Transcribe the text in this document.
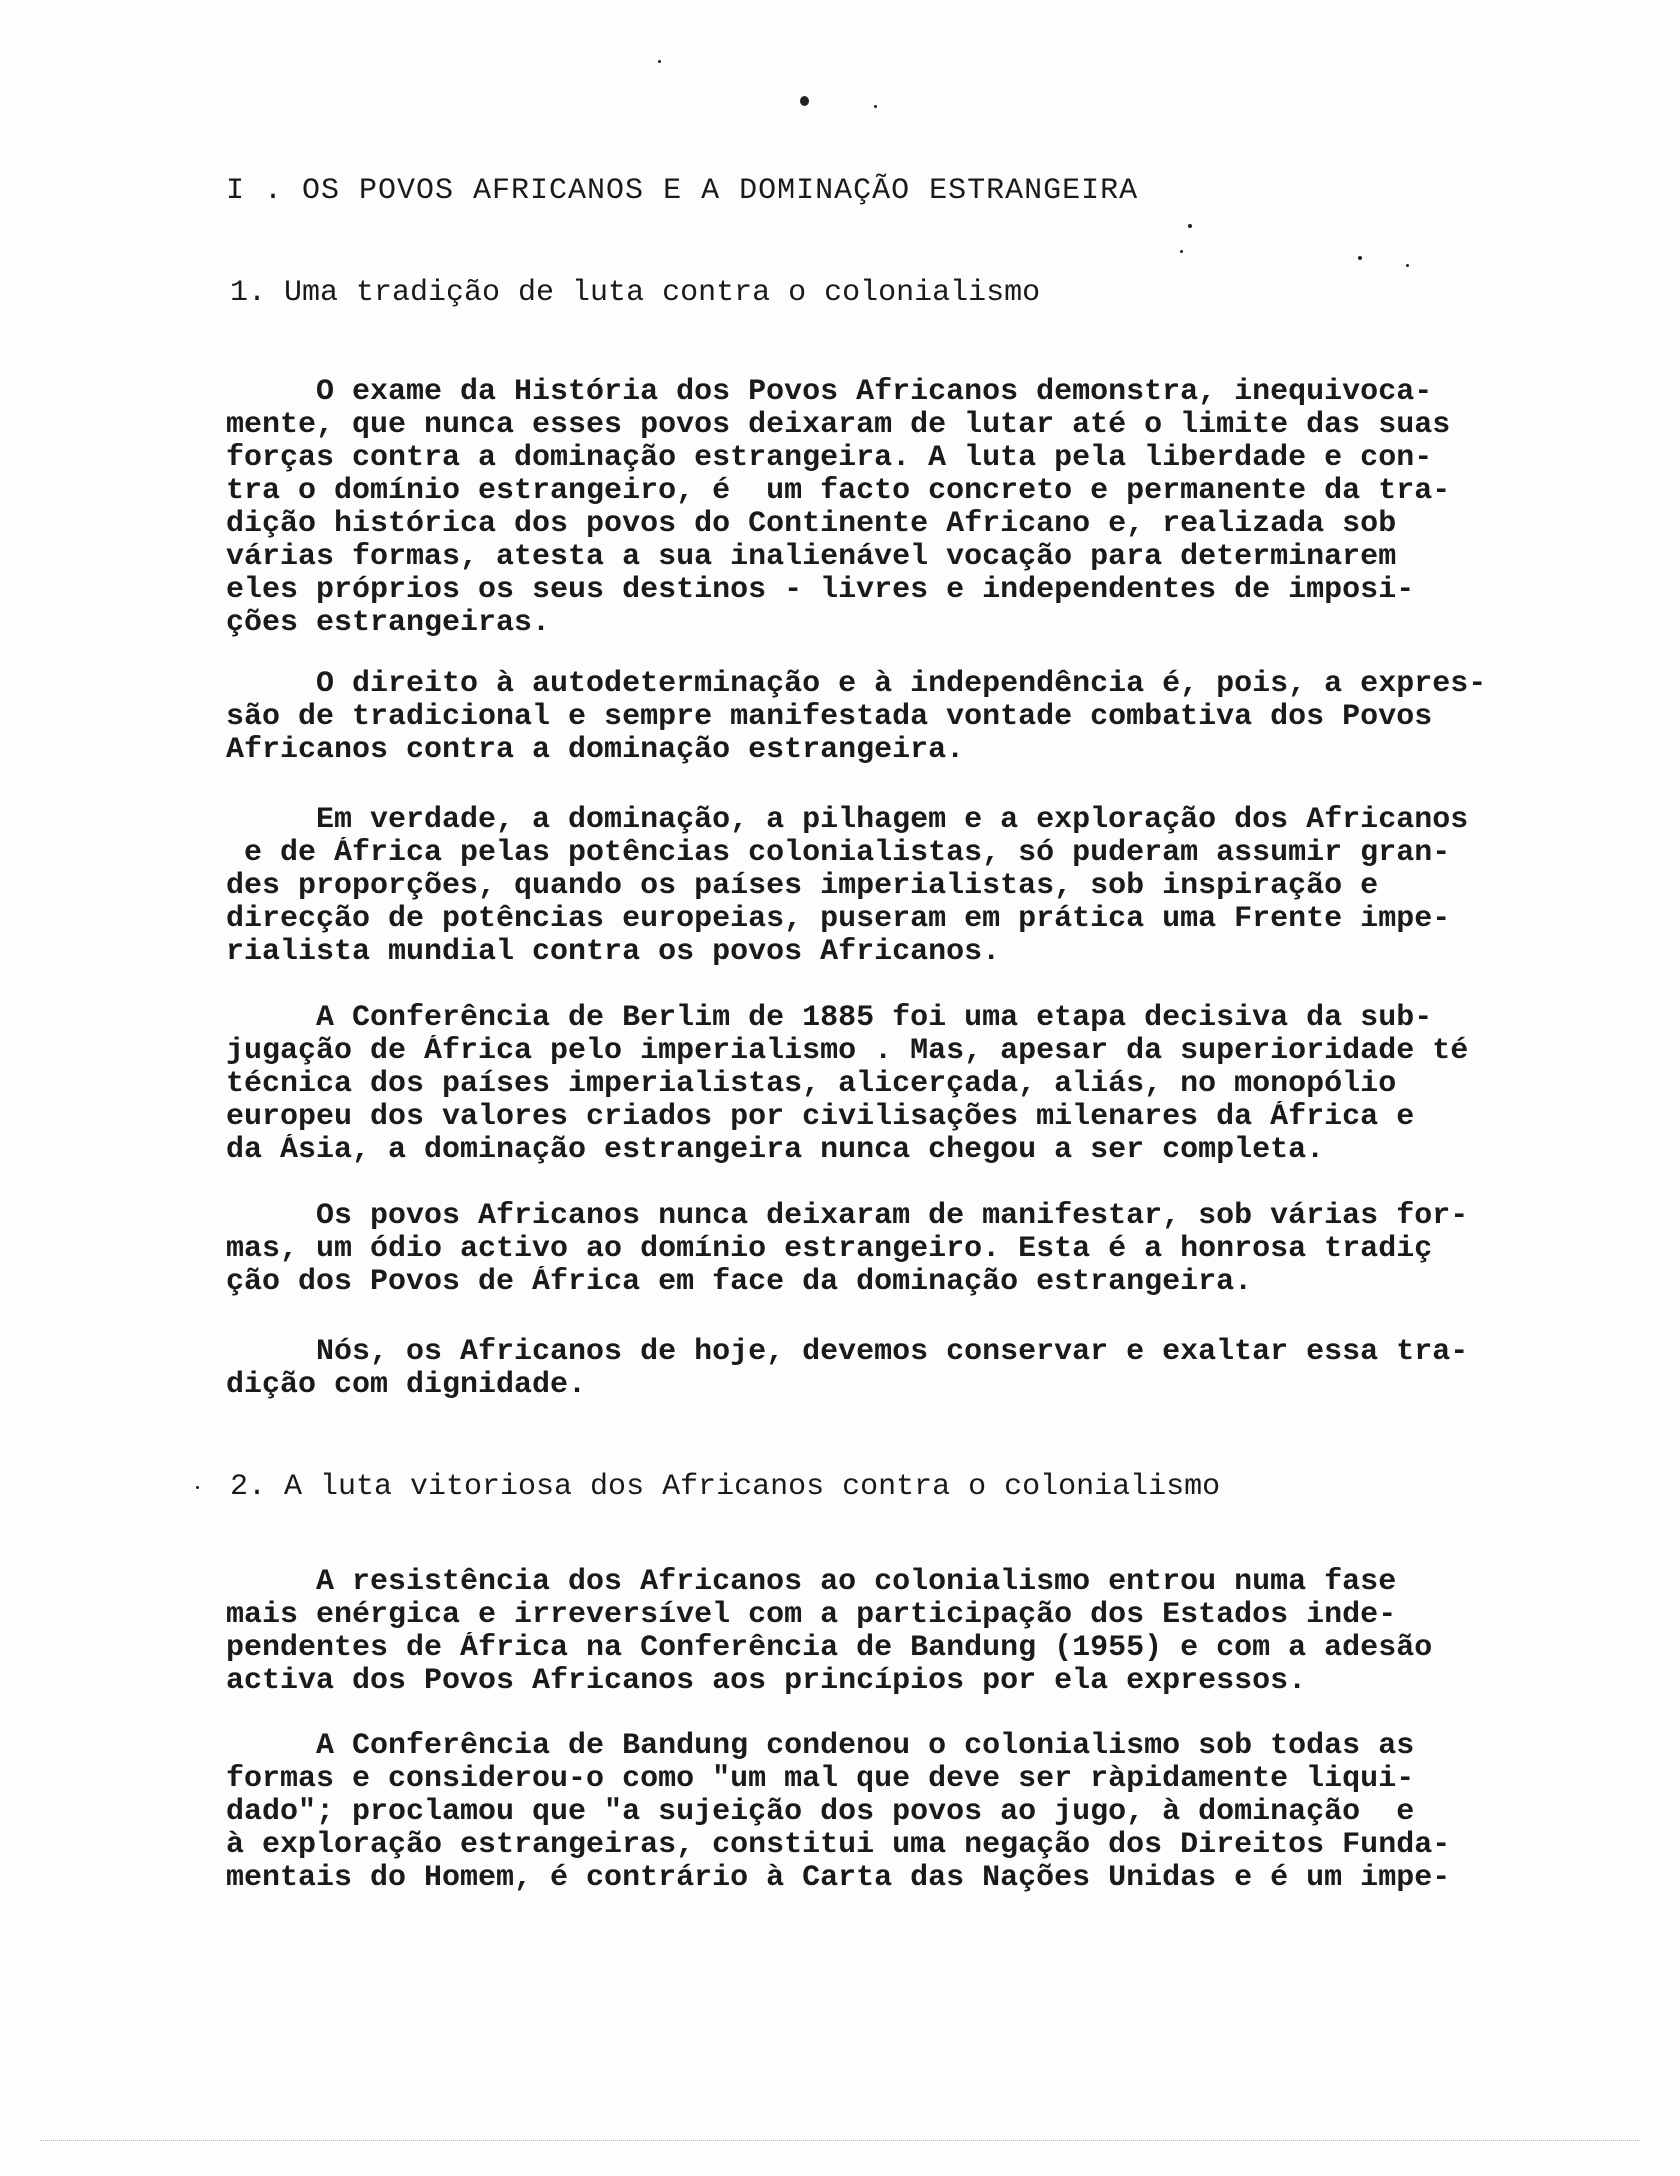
I . OS POVOS AFRICANOS E A DOMINAÇÃO ESTRANGEIRA
1. Uma tradição de luta contra o colonialismo
O exame da História dos Povos Africanos demonstra, inequivoca-
mente, que nunca esses povos deixaram de lutar até o limite das suas
forças contra a dominação estrangeira. A luta pela liberdade e con-
tra o domínio estrangeiro, é  um facto concreto e permanente da tra-
dição histórica dos povos do Continente Africano e, realizada sob
várias formas, atesta a sua inalienável vocação para determinarem
eles próprios os seus destinos - livres e independentes de imposi-
ções estrangeiras.
O direito à autodeterminação e à independência é, pois, a expres-
são de tradicional e sempre manifestada vontade combativa dos Povos
Africanos contra a dominação estrangeira.
Em verdade, a dominação, a pilhagem e a exploração dos Africanos
e de África pelas potências colonialistas, só puderam assumir gran-
des proporções, quando os países imperialistas, sob inspiração e
direcção de potências europeias, puseram em prática uma Frente impe-
rialista mundial contra os povos Africanos.
A Conferência de Berlim de 1885 foi uma etapa decisiva da sub-
jugação de África pelo imperialismo . Mas, apesar da superioridade té
técnica dos países imperialistas, alicerçada, aliás, no monopólio
europeu dos valores criados por civilisações milenares da África e
da Ásia, a dominação estrangeira nunca chegou a ser completa.
Os povos Africanos nunca deixaram de manifestar, sob várias for-
mas, um ódio activo ao domínio estrangeiro. Esta é a honrosa tradiç
ção dos Povos de África em face da dominação estrangeira.
Nós, os Africanos de hoje, devemos conservar e exaltar essa tra-
dição com dignidade.
2. A luta vitoriosa dos Africanos contra o colonialismo
A resistência dos Africanos ao colonialismo entrou numa fase
mais enérgica e irreversível com a participação dos Estados inde-
pendentes de África na Conferência de Bandung (1955) e com a adesão
activa dos Povos Africanos aos princípios por ela expressos.
A Conferência de Bandung condenou o colonialismo sob todas as
formas e considerou-o como "um mal que deve ser ràpidamente liqui-
dado"; proclamou que "a sujeição dos povos ao jugo, à dominação  e
à exploração estrangeiras, constitui uma negação dos Direitos Funda-
mentais do Homem, é contrário à Carta das Nações Unidas e é um impe-
